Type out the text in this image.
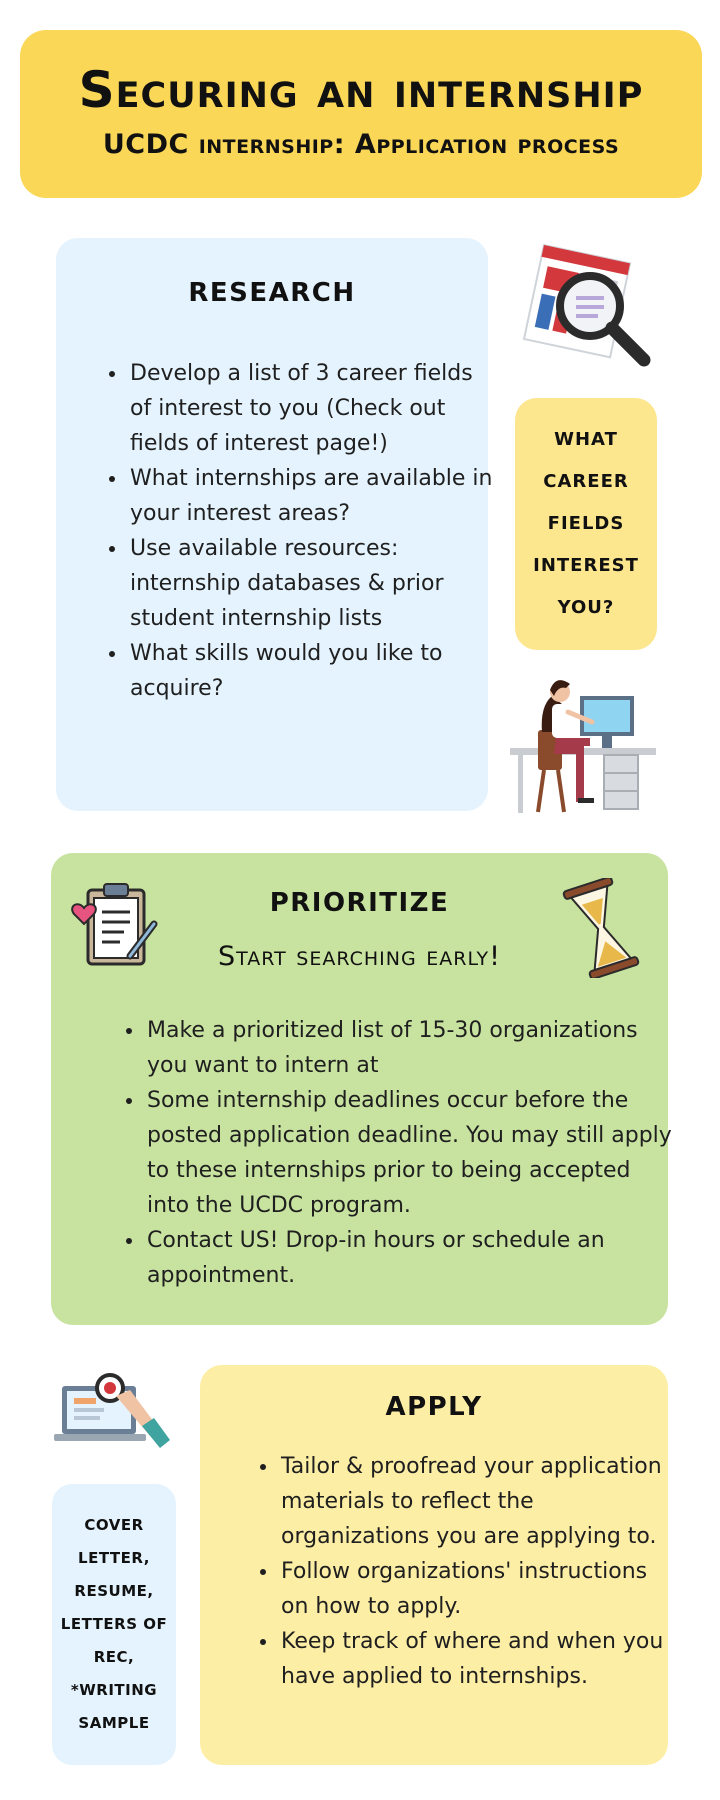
Securing an internship
UCDC internship: Application process
RESEARCH
• Develop a list of 3 career fields of interest to you (Check out fields of interest page!)
• What internships are available in your interest areas?
• Use available resources: internship databases & prior student internship lists
• What skills would you like to acquire?
WHAT CAREER FIELDS INTEREST YOU?
PRIORITIZE
Start searching early!
• Make a prioritized list of 15-30 organizations you want to intern at
• Some internship deadlines occur before the posted application deadline. You may still apply to these internships prior to being accepted into the UCDC program.
• Contact US! Drop-in hours or schedule an appointment.
COVER LETTER, RESUME, LETTERS OF REC, *WRITING SAMPLE
APPLY
• Tailor & proofread your application materials to reflect the organizations you are applying to.
• Follow organizations' instructions on how to apply.
• Keep track of where and when you have applied to internships.
